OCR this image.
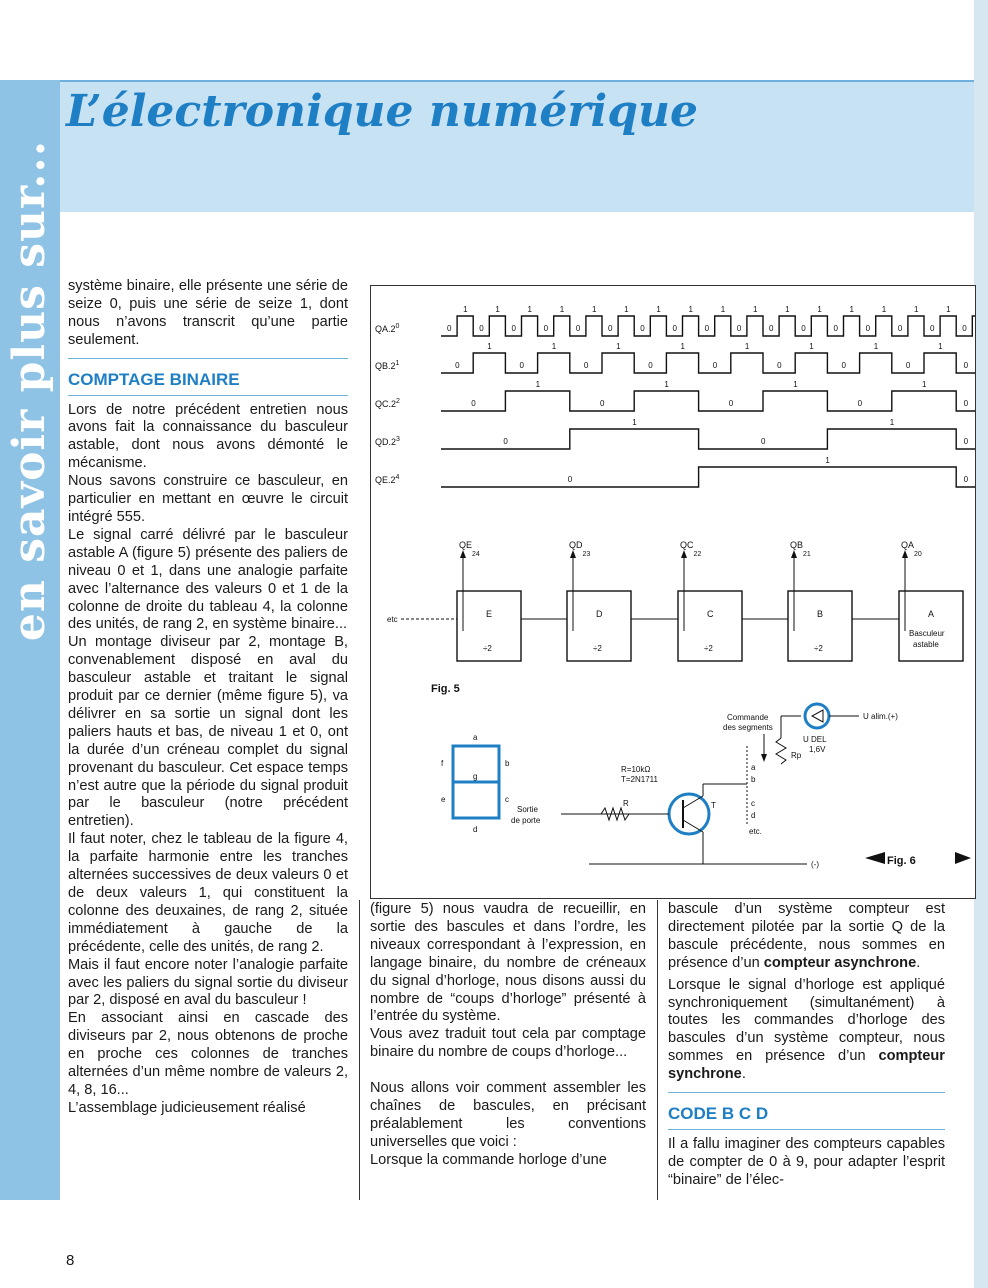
en savoir plus sur...
L’électronique numérique

système binaire, elle présente une série de seize 0, puis une série de seize 1, dont nous n’avons transcrit qu’une partie seulement.

COMPTAGE BINAIRE

Lors de notre précédent entretien nous avons fait la connaissance du basculeur astable, dont nous avons démonté le mécanisme.

Nous savons construire ce basculeur, en particulier en mettant en œuvre le circuit intégré 555.

Le signal carré délivré par le basculeur astable A (figure 5) présente des paliers de niveau 0 et 1, dans une analogie parfaite avec l’alternance des valeurs 0 et 1 de la colonne de droite du tableau 4, la colonne des unités, de rang 2, en système binaire...

Un montage diviseur par 2, montage B, convenablement disposé en aval du basculeur astable et traitant le signal produit par ce dernier (même figure 5), va délivrer en sa sortie un signal dont les paliers hauts et bas, de niveau 1 et 0, ont la durée d’un créneau complet du signal provenant du basculeur. Cet espace temps n’est autre que la période du signal produit par le basculeur (notre précédent entretien).

Il faut noter, chez le tableau de la figure 4, la parfaite harmonie entre les tranches alternées successives de deux valeurs 0 et de deux valeurs 1, qui constituent la colonne des deuxaines, de rang 2, située immédiatement à gauche de la précédente, celle des unités, de rang 2.

Mais il faut encore noter l’analogie parfaite avec les paliers du signal sortie du diviseur par 2, disposé en aval du basculeur !

En associant ainsi en cascade des diviseurs par 2, nous obtenons de proche en proche ces colonnes de tranches alternées d’un même nombre de valeurs 2, 4, 8, 16...

L’assemblage judicieusement réalisé

$QA.2^0$	0
1
0
1
0
1
0
1
0
1
0
1
0
1
0
1
0
1
0
1
0
1
0
1
0
1
0
1
0
1
0
1
0
$QB.2^1$	0
1
0
1
0
1
0
1
0
1
0
1
0
1
0
1
0
$QC.2^2$	0
1
0
1
0
1
0
1
0
$QD.2^3$	0
1
0
1
0
$QE.2^4$	0
1
0
etc
E
÷2
$QE_{24}$
D
÷2
$QD_{23}$
C
÷2
$QC_{22}$
B
÷2
$QB_{21}$
A
$QA_{20}$
Basculeur
astable
Fig. 5
a
b
c
d
e
f
g
R
Sortie
de porte
R=10kΩ
T=2N1711
T
(-)
a
b
c
d
etc.
Rp
1,6V
U DEL
U alim.(+)
Commande
des segments
Fig. 6

(figure 5) nous vaudra de recueillir, en sortie des bascules et dans l’ordre, les niveaux correspondant à l’expression, en langage binaire, du nombre de créneaux du signal d’horloge, nous disons aussi du nombre de “coups d’horloge” présenté à l’entrée du système.

Vous avez traduit tout cela par comptage binaire du nombre de coups d’horloge...

Nous allons voir comment assembler les chaînes de bascules, en précisant préalablement les conventions universelles que voici :

Lorsque la commande horloge d’une

bascule d’un système compteur est directement pilotée par la sortie Q de la bascule précédente, nous sommes en présence d’un compteur asynchrone.

Lorsque le signal d’horloge est appliqué synchroniquement (simultanément) à toutes les commandes d’horloge des bascules d’un système compteur, nous sommes en présence d’un compteur synchrone.

CODE B C D

Il a fallu imaginer des compteurs capables de compter de 0 à 9, pour adapter l’esprit “binaire” de l’élec-

8
